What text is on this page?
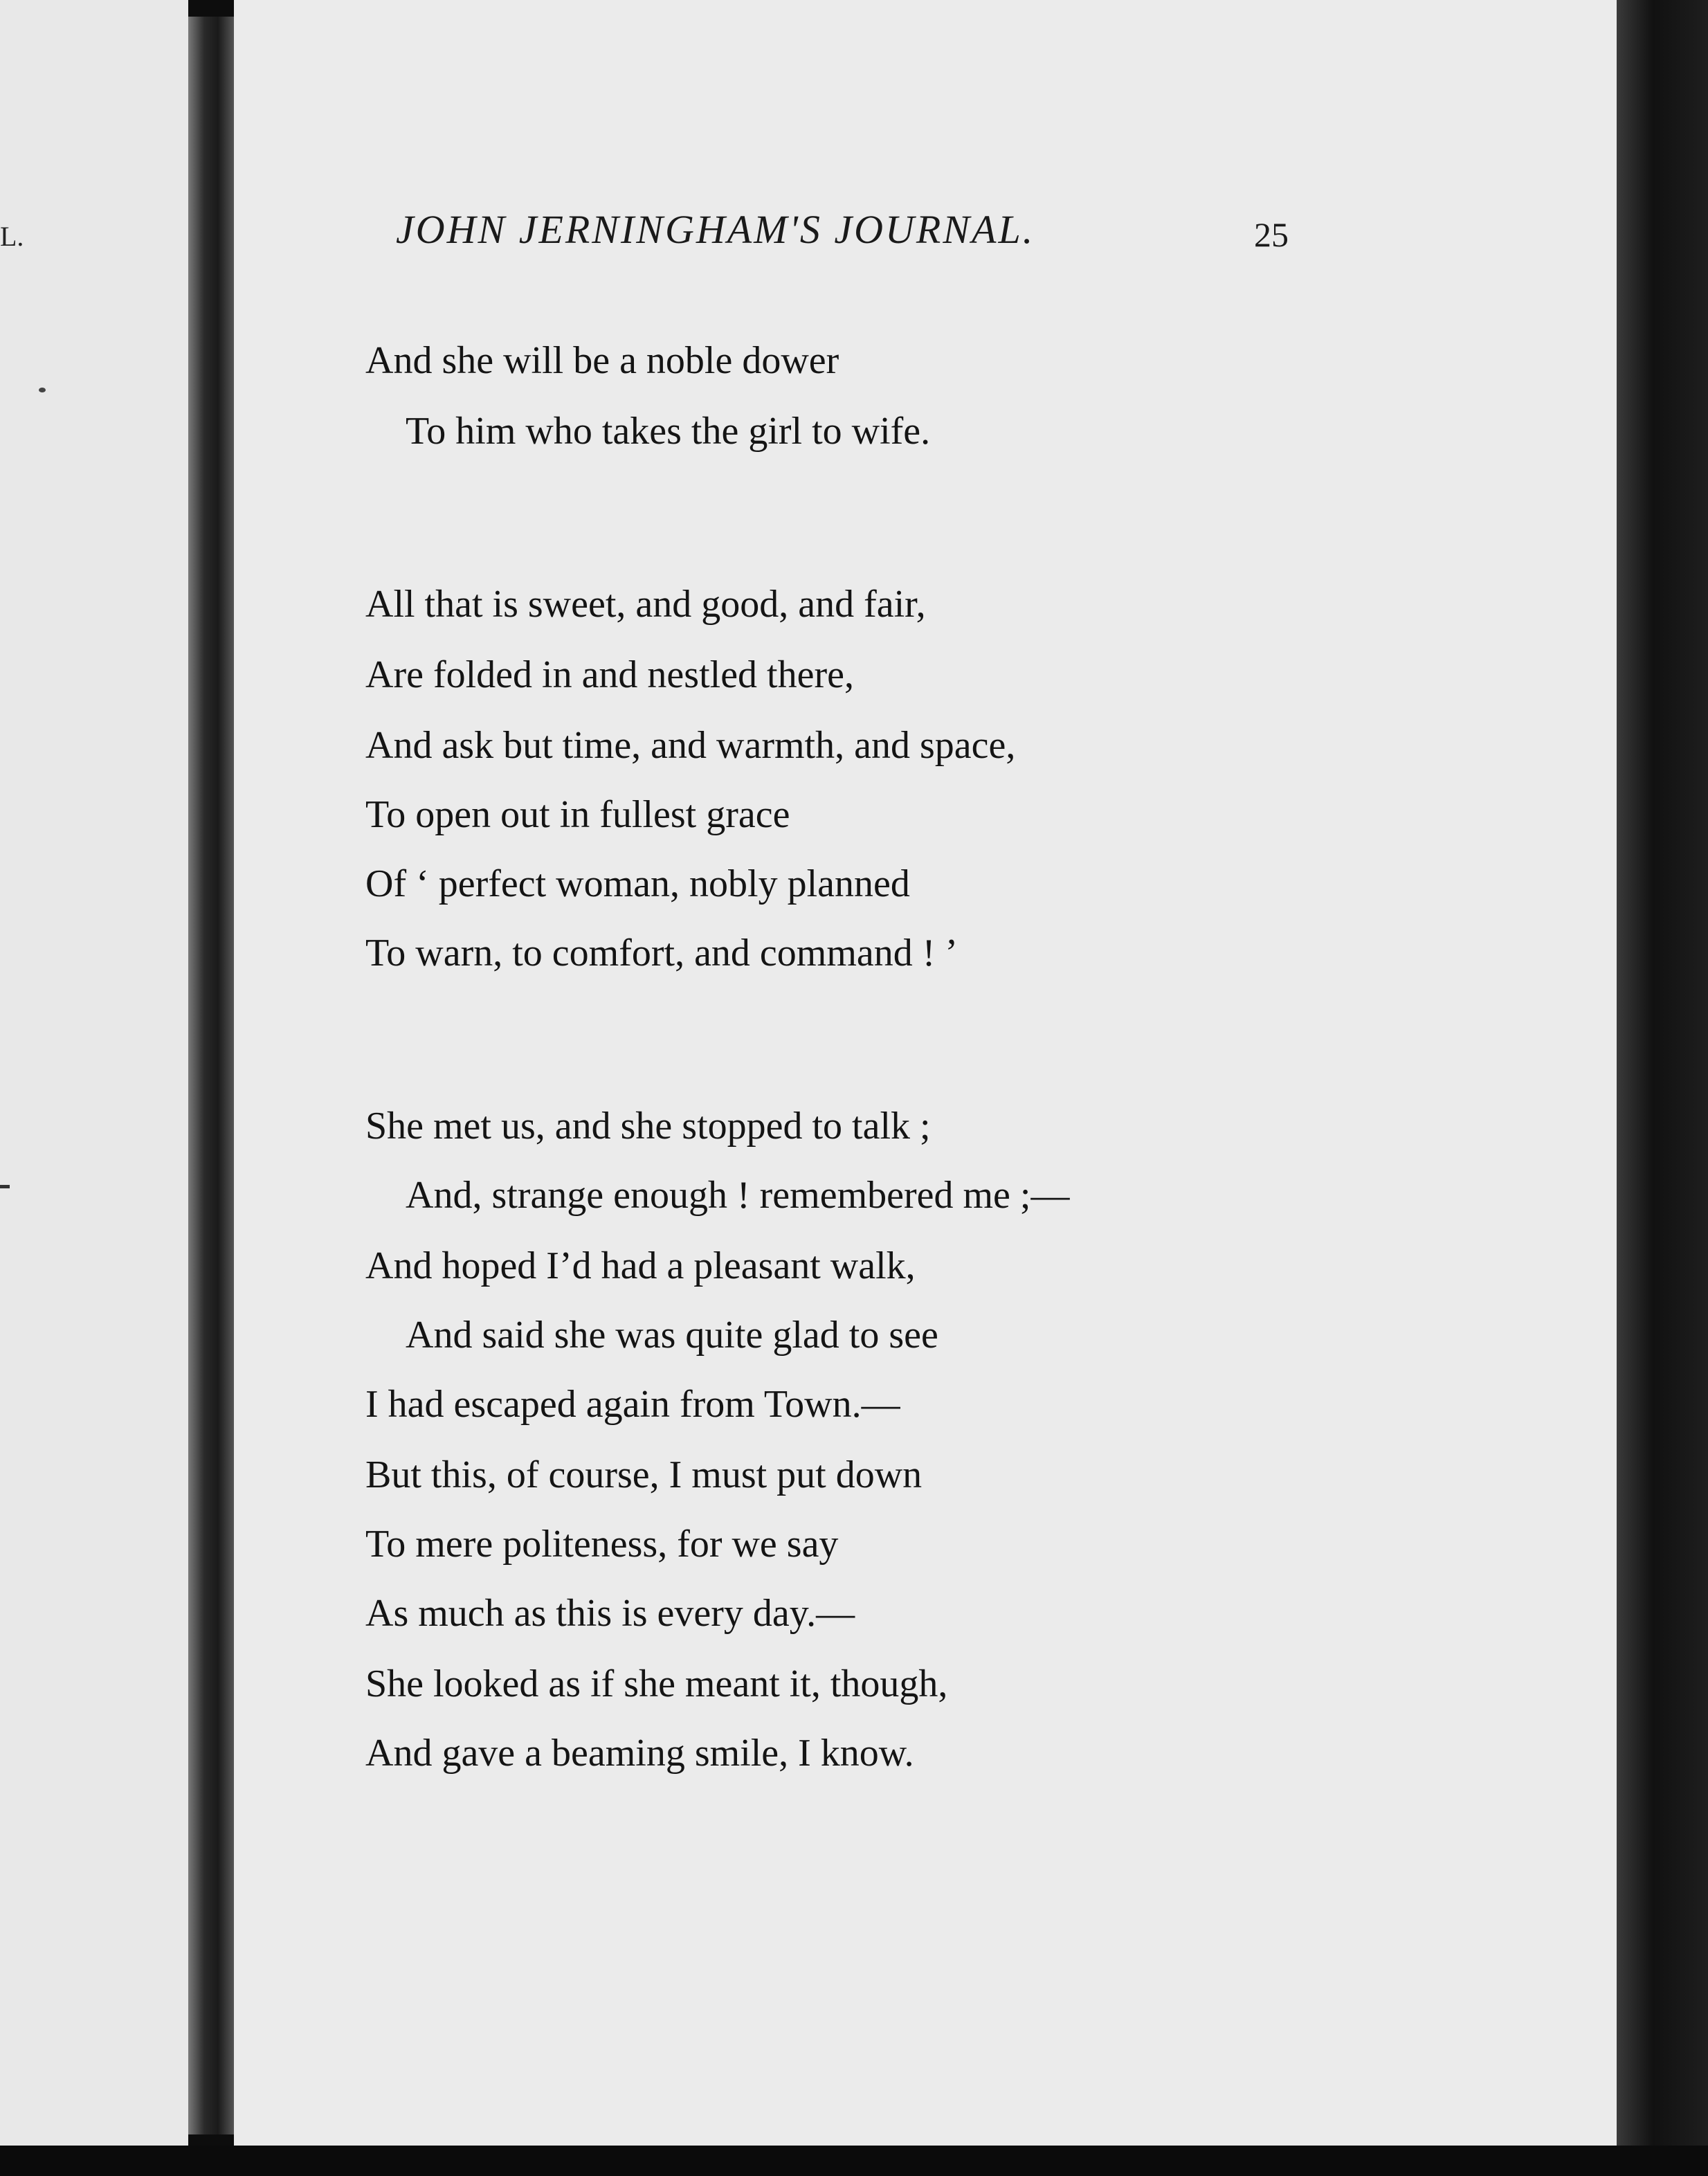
L.	JOHN JERNINGHAM'S JOURNAL.	25
And she will be a noble dower
To him who takes the girl to wife.
All that is sweet, and good, and fair,
Are folded in and nestled there,
And ask but time, and warmth, and space,
To open out in fullest grace
Of ‘ perfect woman, nobly planned
To warn, to comfort, and command ! ’
She met us, and she stopped to talk ;
And, strange enough ! remembered me ;—
And hoped I’d had a pleasant walk,
And said she was quite glad to see
I had escaped again from Town.—
But this, of course, I must put down
To mere politeness, for we say
As much as this is every day.—
She looked as if she meant it, though,
And gave a beaming smile, I know.
